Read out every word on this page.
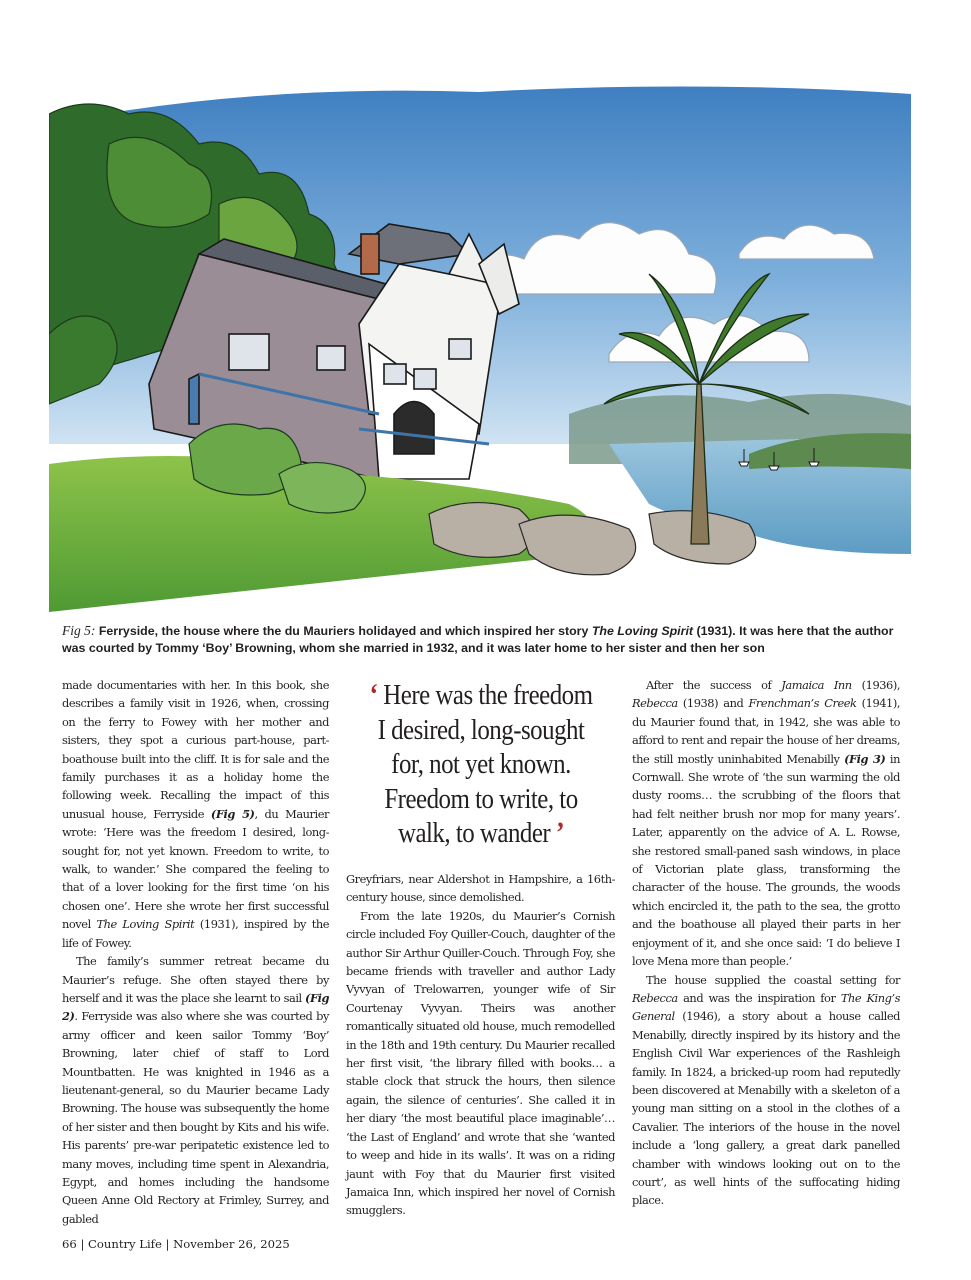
Fig 5: Ferryside, the house where the du Mauriers holidayed and which inspired her story The Loving Spirit (1931). It was here that the author was courted by Tommy ‘Boy’ Browning, whom she married in 1932, and it was later home to her sister and then her son

made documentaries with her. In this book, she describes a family visit in 1926, when, crossing on the ferry to Fowey with her mother and sisters, they spot a curious part-house, part-boathouse built into the cliff. It is for sale and the family purchases it as a holiday home the following week. Recalling the impact of this unusual house, Ferryside (Fig 5), du Maurier wrote: ‘Here was the freedom I desired, long-sought for, not yet known. Freedom to write, to walk, to wander.’ She compared the feeling to that of a lover looking for the first time ‘on his chosen one’. Here she wrote her first successful novel The Loving Spirit (1931), inspired by the life of Fowey.

The family’s summer retreat became du Maurier’s refuge. She often stayed there by herself and it was the place she learnt to sail (Fig 2). Ferryside was also where she was courted by army officer and keen sailor Tommy ‘Boy’ Browning, later chief of staff to Lord Mountbatten. He was knighted in 1946 as a lieutenant-general, so du Maurier became Lady Browning. The house was subsequently the home of her sister and then bought by Kits and his wife. His parents’ pre-war peripatetic existence led to many moves, including time spent in Alexandria, Egypt, and homes including the handsome Queen Anne Old Rectory at Frimley, Surrey, and gabled

‘ Here was the freedom I desired, long-sought for, not yet known. Freedom to write, to walk, to wander ’

Greyfriars, near Aldershot in Hampshire, a 16th-century house, since demolished.

From the late 1920s, du Maurier’s Cornish circle included Foy Quiller-Couch, daughter of the author Sir Arthur Quiller-Couch. Through Foy, she became friends with traveller and author Lady Vyvyan of Trelowarren, younger wife of Sir Courtenay Vyvyan. Theirs was another romantically situated old house, much remodelled in the 18th and 19th century. Du Maurier recalled her first visit, ‘the library filled with books… a stable clock that struck the hours, then silence again, the silence of centuries’. She called it in her diary ‘the most beautiful place imaginable’… ‘the Last of England’ and wrote that she ‘wanted to weep and hide in its walls’. It was on a riding jaunt with Foy that du Maurier first visited Jamaica Inn, which inspired her novel of Cornish smugglers.

After the success of Jamaica Inn (1936), Rebecca (1938) and Frenchman’s Creek (1941), du Maurier found that, in 1942, she was able to afford to rent and repair the house of her dreams, the still mostly uninhabited Menabilly (Fig 3) in Cornwall. She wrote of ‘the sun warming the old dusty rooms… the scrubbing of the floors that had felt neither brush nor mop for many years’. Later, apparently on the advice of A. L. Rowse, she restored small-paned sash windows, in place of Victorian plate glass, transforming the character of the house. The grounds, the woods which encircled it, the path to the sea, the grotto and the boathouse all played their parts in her enjoyment of it, and she once said: ‘I do believe I love Mena more than people.’

The house supplied the coastal setting for Rebecca and was the inspiration for The King’s General (1946), a story about a house called Menabilly, directly inspired by its history and the English Civil War experiences of the Rashleigh family. In 1824, a bricked-up room had reputedly been discovered at Menabilly with a skeleton of a young man sitting on a stool in the clothes of a Cavalier. The interiors of the house in the novel include a ‘long gallery, a great dark panelled chamber with windows looking out on to the court’, as well hints of the suffocating hiding place.

66 | Country Life | November 26, 2025
